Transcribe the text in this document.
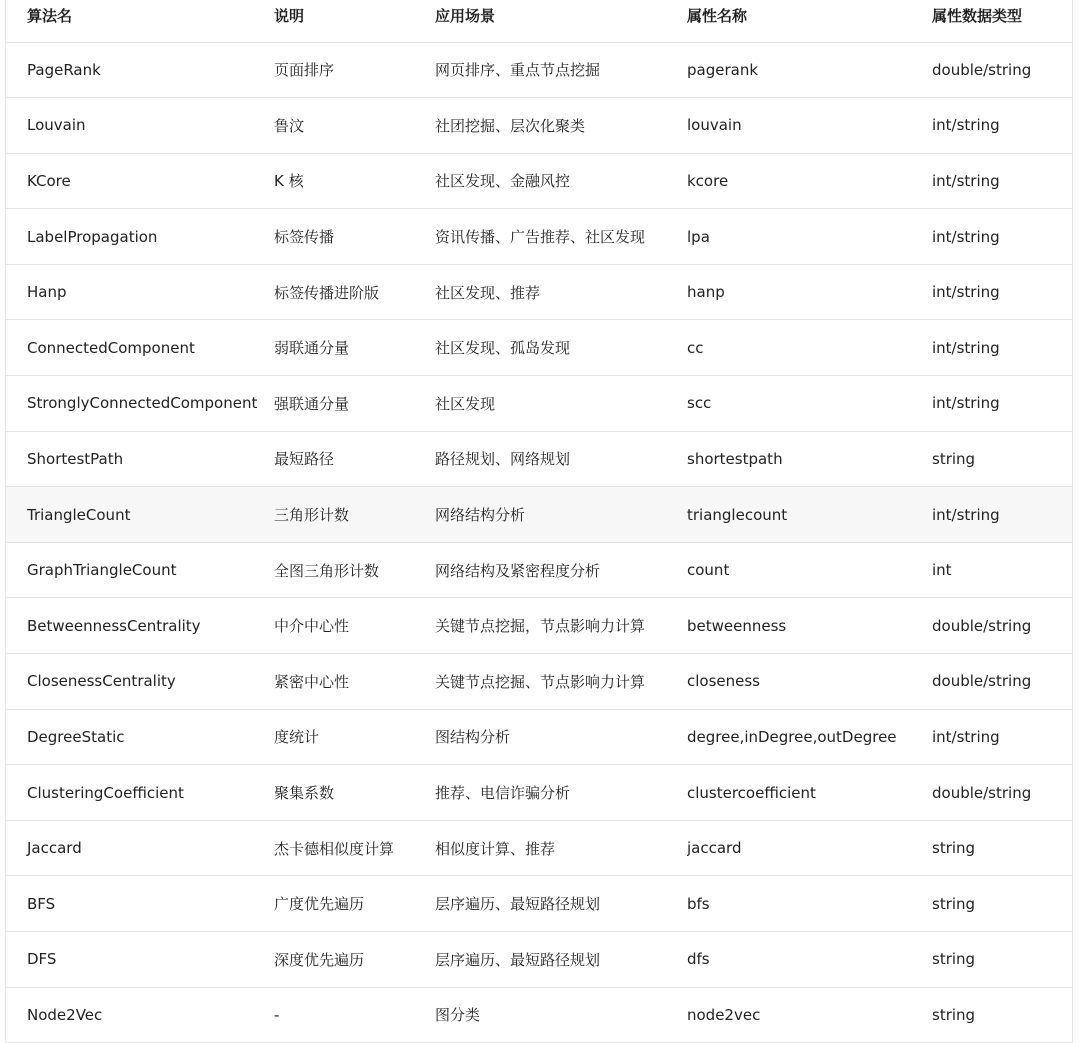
算法名	说明	应用场景	属性名称	属性数据类型
PageRank	页面排序	网页排序、重点节点挖掘	pagerank	double/string
Louvain	鲁汶	社团挖掘、层次化聚类	louvain	int/string
KCore	K 核	社区发现、金融风控	kcore	int/string
LabelPropagation	标签传播	资讯传播、广告推荐、社区发现	lpa	int/string
Hanp	标签传播进阶版	社区发现、推荐	hanp	int/string
ConnectedComponent	弱联通分量	社区发现、孤岛发现	cc	int/string
StronglyConnectedComponent	强联通分量	社区发现	scc	int/string
ShortestPath	最短路径	路径规划、网络规划	shortestpath	string
TriangleCount	三角形计数	网络结构分析	trianglecount	int/string
GraphTriangleCount	全图三角形计数	网络结构及紧密程度分析	count	int
BetweennessCentrality	中介中心性	关键节点挖掘，节点影响力计算	betweenness	double/string
ClosenessCentrality	紧密中心性	关键节点挖掘、节点影响力计算	closeness	double/string
DegreeStatic	度统计	图结构分析	degree,inDegree,outDegree	int/string
ClusteringCoefficient	聚集系数	推荐、电信诈骗分析	clustercoefficient	double/string
Jaccard	杰卡德相似度计算	相似度计算、推荐	jaccard	string
BFS	广度优先遍历	层序遍历、最短路径规划	bfs	string
DFS	深度优先遍历	层序遍历、最短路径规划	dfs	string
Node2Vec	-	图分类	node2vec	string
